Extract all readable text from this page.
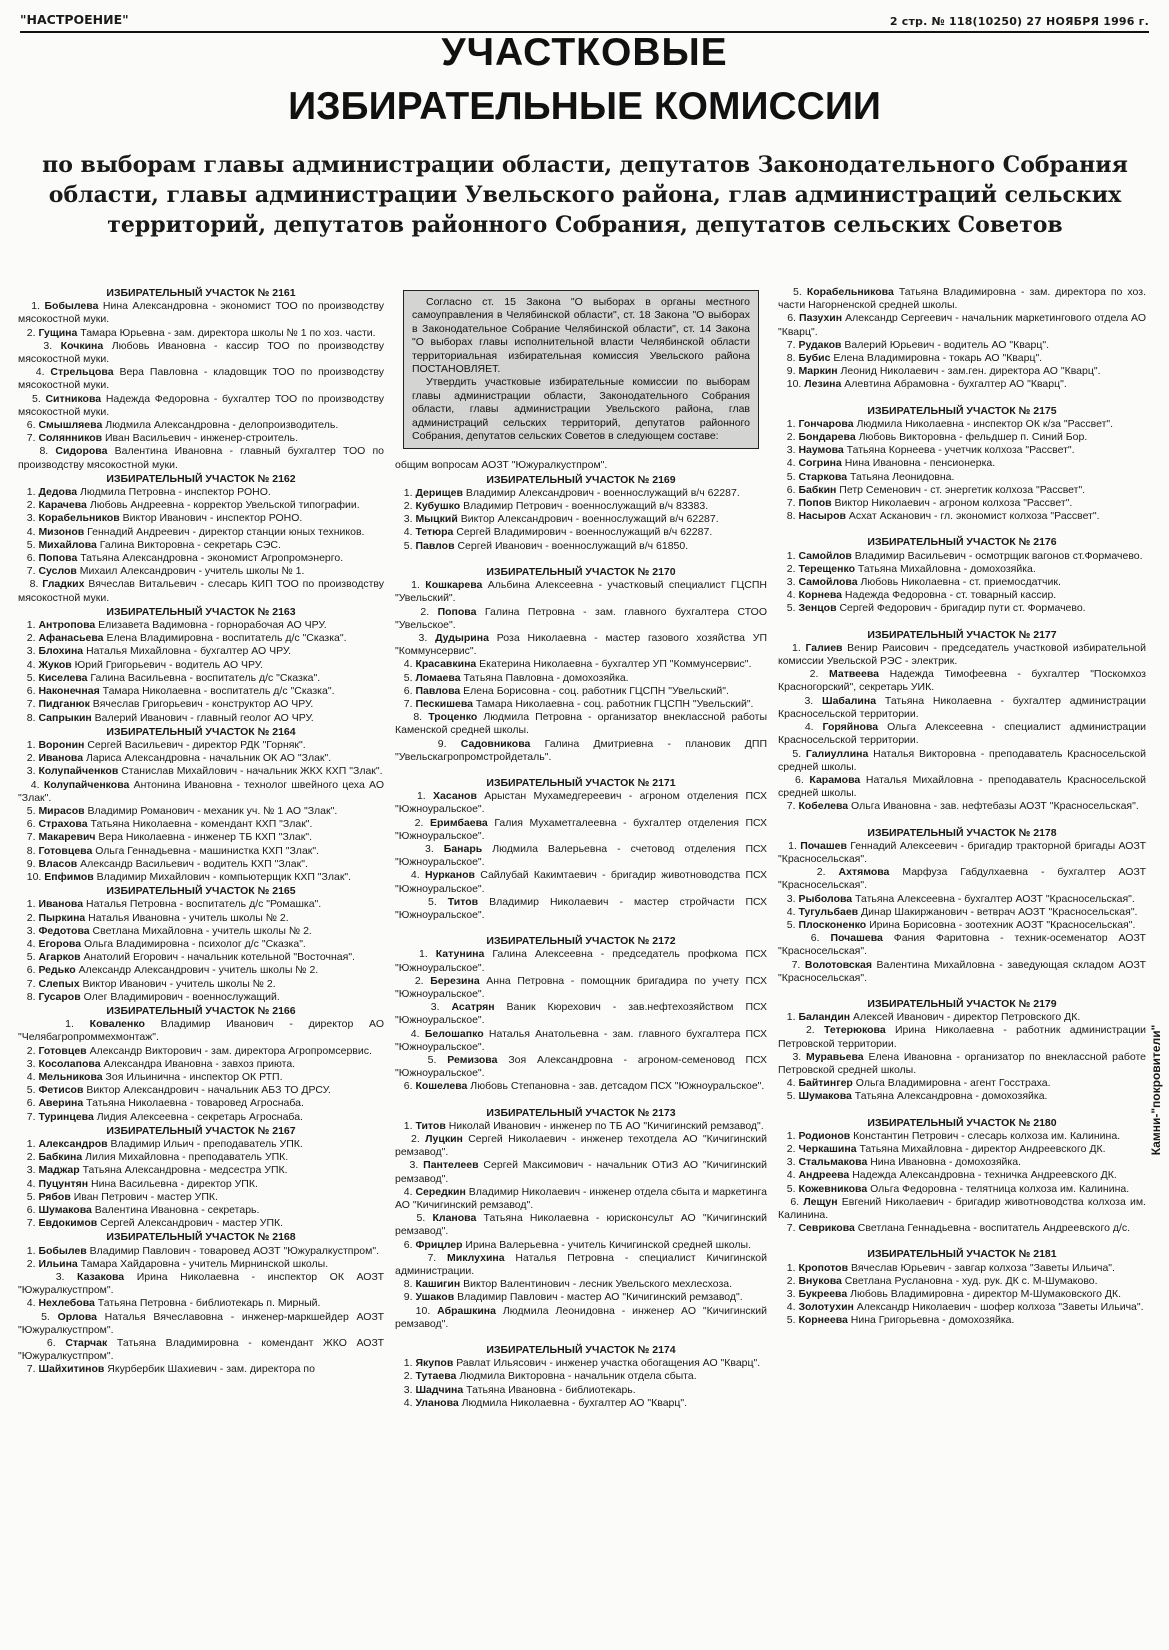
"НАСТРОЕНИЕ"	2 стр. № 118(10250) 27 НОЯБРЯ 1996 г.
УЧАСТКОВЫЕ
ИЗБИРАТЕЛЬНЫЕ КОМИССИИ
по выборам главы администрации области, депутатов Законодательного Собрания области, главы администрации Увельского района, глав администраций сельских территорий, депутатов районного Собрания, депутатов сельских Советов
ИЗБИРАТЕЛЬНЫЙ УЧАСТОК № 2161
1. Бобылева Нина Александровна - экономист ТОО по производству мясокостной муки.
2. Гущина Тамара Юрьевна - зам. директора школы № 1 по хоз. части.
3. Кочкина Любовь Ивановна - кассир ТОО по производству мясокостной муки.
4. Стрельцова Вера Павловна - кладовщик ТОО по производству мясокостной муки.
5. Ситникова Надежда Федоровна - бухгалтер ТОО по производству мясокостной муки.
6. Смышляева Людмила Александровна - делопроизводитель.
7. Солянников Иван Васильевич - инженер-строитель.
8. Сидорова Валентина Ивановна - главный бухгалтер ТОО по производству мясокостной муки.
ИЗБИРАТЕЛЬНЫЙ УЧАСТОК № 2162
1. Дедова Людмила Петровна - инспектор РОНО.
2. Карачева Любовь Андреевна - корректор Увельской типографии.
3. Корабельников Виктор Иванович - инспектор РОНО.
4. Мизонов Геннадий Андреевич - директор станции юных техников.
5. Михайлова Галина Викторовна - секретарь СЭС.
6. Попова Татьяна Александровна - экономист Агропромэнерго.
7. Суслов Михаил Александрович - учитель школы № 1.
8. Гладких Вячеслав Витальевич - слесарь КИП ТОО по производству мясокостной муки.
ИЗБИРАТЕЛЬНЫЙ УЧАСТОК № 2163
1. Антропова Елизавета Вадимовна - горнорабочая АО ЧРУ.
2. Афанасьева Елена Владимировна - воспитатель д/с "Сказка".
3. Блохина Наталья Михайловна - бухгалтер АО ЧРУ.
4. Жуков Юрий Григорьевич - водитель АО ЧРУ.
5. Киселева Галина Васильевна - воспитатель д/с "Сказка".
6. Наконечная Тамара Николаевна - воспитатель д/с "Сказка".
7. Пидганюк Вячеслав Григорьевич - конструктор АО ЧРУ.
8. Сапрыкин Валерий Иванович - главный геолог АО ЧРУ.
ИЗБИРАТЕЛЬНЫЙ УЧАСТОК № 2164
1. Воронин Сергей Васильевич - директор РДК "Горняк".
2. Иванова Лариса Александровна - начальник ОК АО "Злак".
3. Колупайченков Станислав Михайлович - начальник ЖКХ КХП "Злак".
4. Колупайченкова Антонина Ивановна - технолог швейного цеха АО "Злак".
5. Мирасов Владимир Романович - механик уч. № 1 АО "Злак".
6. Страхова Татьяна Николаевна - комендант КХП "Злак".
7. Макаревич Вера Николаевна - инженер ТБ КХП "Злак".
8. Готовцева Ольга Геннадьевна - машинистка КХП "Злак".
9. Власов Александр Васильевич - водитель КХП "Злак".
10. Епфимов Владимир Михайлович - компьютерщик КХП "Злак".
ИЗБИРАТЕЛЬНЫЙ УЧАСТОК № 2165
1. Иванова Наталья Петровна - воспитатель д/с "Ромашка".
2. Пыркина Наталья Ивановна - учитель школы № 2.
3. Федотова Светлана Михайловна - учитель школы № 2.
4. Егорова Ольга Владимировна - психолог д/с "Сказка".
5. Агарков Анатолий Егорович - начальник котельной "Восточная".
6. Редько Александр Александрович - учитель школы № 2.
7. Слепых Виктор Иванович - учитель школы № 2.
8. Гусаров Олег Владимирович - военнослужащий.
ИЗБИРАТЕЛЬНЫЙ УЧАСТОК № 2166
1. Коваленко Владимир Иванович - директор АО "Челябагропроммехмонтаж".
2. Готовцев Александр Викторович - зам. директора Агропромсервис.
3. Косолапова Александра Ивановна - завхоз приюта.
4. Мельникова Зоя Ильинична - инспектор ОК РТП.
5. Фетисов Виктор Александрович - начальник АБЗ ТО ДРСУ.
6. Аверина Татьяна Николаевна - товаровед Агроснаба.
7. Туринцева Лидия Алексеевна - секретарь Агроснаба.
ИЗБИРАТЕЛЬНЫЙ УЧАСТОК № 2167
1. Александров Владимир Ильич - преподаватель УПК.
2. Бабкина Лилия Михайловна - преподаватель УПК.
3. Маджар Татьяна Александровна - медсестра УПК.
4. Пуцунтян Нина Васильевна - директор УПК.
5. Рябов Иван Петрович - мастер УПК.
6. Шумакова Валентина Ивановна - секретарь.
7. Евдокимов Сергей Александрович - мастер УПК.
ИЗБИРАТЕЛЬНЫЙ УЧАСТОК № 2168
1. Бобылев Владимир Павлович - товаровед АОЗТ "Южуралкустпром".
2. Ильина Тамара Хайдаровна - учитель Мирнинской школы.
3. Казакова Ирина Николаевна - инспектор ОК АОЗТ "Южуралкустпром".
4. Нехлебова Татьяна Петровна - библиотекарь п. Мирный.
5. Орлова Наталья Вячеславовна - инженер-маркшейдер АОЗТ "Южуралкустпром".
6. Старчак Татьяна Владимировна - комендант ЖКО АОЗТ "Южуралкустпром".
7. Шайхитинов Якурбербик Шахиевич - зам. директора по

Согласно ст. 15 Закона "О выборах в органы местного самоуправления в Челябинской области", ст. 18 Закона "О выборах в Законодательное Собрание Челябинской области", ст. 14 Закона "О выборах главы исполнительной власти Челябинской области территориальная избирательная комиссия Увельского района ПОСТАНОВЛЯЕТ.

Утвердить участковые избирательные комиссии по выборам главы администрации области, Законодательного Собрания области, главы администрации Увельского района, глав администраций сельских территорий, депутатов районного Собрания, депутатов сельских Советов в следующем составе:

общим вопросам АОЗТ "Южуралкустпром".
ИЗБИРАТЕЛЬНЫЙ УЧАСТОК № 2169
1. Дерищев Владимир Александрович - военнослужащий в/ч 62287.
2. Кубушко Владимир Петрович - военнослужащий в/ч 83383.
3. Мыцкий Виктор Александрович - военнослужащий в/ч 62287.
4. Тетюра Сергей Владимирович - военнослужащий в/ч 62287.
5. Павлов Сергей Иванович - военнослужащий в/ч 61850.
ИЗБИРАТЕЛЬНЫЙ УЧАСТОК № 2170
1. Кошкарева Альбина Алексеевна - участковый специалист ГЦСПН "Увельский".
2. Попова Галина Петровна - зам. главного бухгалтера СТОО "Увельское".
3. Дудырина Роза Николаевна - мастер газового хозяйства УП "Коммунсервис".
4. Красавкина Екатерина Николаевна - бухгалтер УП "Коммунсервис".
5. Ломаева Татьяна Павловна - домохозяйка.
6. Павлова Елена Борисовна - соц. работник ГЦСПН "Увельский".
7. Пескишева Тамара Николаевна - соц. работник ГЦСПН "Увельский".
8. Троценко Людмила Петровна - организатор внеклассной работы Каменской средней школы.
9. Садовникова Галина Дмитриевна - плановик ДПП "Увельскагропромстройдеталь".
ИЗБИРАТЕЛЬНЫЙ УЧАСТОК № 2171
1. Хасанов Арыстан Мухамедгереевич - агроном отделения ПСХ "Южноуральское".
2. Еримбаева Галия Мухаметгалеевна - бухгалтер отделения ПСХ "Южноуральское".
3. Банарь Людмила Валерьевна - счетовод отделения ПСХ "Южноуральское".
4. Нурканов Сайлубай Какимтаевич - бригадир животноводства ПСХ "Южноуральское".
5. Титов Владимир Николаевич - мастер стройчасти ПСХ "Южноуральское".
ИЗБИРАТЕЛЬНЫЙ УЧАСТОК № 2172
1. Катунина Галина Алексеевна - председатель профкома ПСХ "Южноуральское".
2. Березина Анна Петровна - помощник бригадира по учету ПСХ "Южноуральское".
3. Асатрян Ваник Кюрехович - зав.нефтехозяйством ПСХ "Южноуральское".
4. Белошапко Наталья Анатольевна - зам. главного бухгалтера ПСХ "Южноуральское".
5. Ремизова Зоя Александровна - агроном-семеновод ПСХ "Южноуральское".
6. Кошелева Любовь Степановна - зав. детсадом ПСХ "Южноуральское".
ИЗБИРАТЕЛЬНЫЙ УЧАСТОК № 2173
1. Титов Николай Иванович - инженер по ТБ АО "Кичигинский ремзавод".
2. Луцкин Сергей Николаевич - инженер техотдела АО "Кичигинский ремзавод".
3. Пантелеев Сергей Максимович - начальник ОТиЗ АО "Кичигинский ремзавод".
4. Середкин Владимир Николаевич - инженер отдела сбыта и маркетинга АО "Кичигинский ремзавод".
5. Кланова Татьяна Николаевна - юрисконсульт АО "Кичигинский ремзавод".
6. Фрицлер Ирина Валерьевна - учитель Кичигинской средней школы.
7. Миклухина Наталья Петровна - специалист Кичигинской администрации.
8. Кашигин Виктор Валентинович - лесник Увельского мехлесхоза.
9. Ушаков Владимир Павлович - мастер АО "Кичигинский ремзавод".
10. Абрашкина Людмила Леонидовна - инженер АО "Кичигинский ремзавод".
ИЗБИРАТЕЛЬНЫЙ УЧАСТОК № 2174
1. Якупов Равлат Ильясович - инженер участка обогащения АО "Кварц".
2. Тутаева Людмила Викторовна - начальник отдела сбыта.
3. Шадчина Татьяна Ивановна - библиотекарь.
4. Уланова Людмила Николаевна - бухгалтер АО "Кварц".
5. Корабельникова Татьяна Владимировна - зам. директора по хоз. части Нагорненской средней школы.
6. Пазухин Александр Сергеевич - начальник маркетингового отдела АО "Кварц".
7. Рудаков Валерий Юрьевич - водитель АО "Кварц".
8. Бубис Елена Владимировна - токарь АО "Кварц".
9. Маркин Леонид Николаевич - зам.ген. директора АО "Кварц".
10. Лезина Алевтина Абрамовна - бухгалтер АО "Кварц".
ИЗБИРАТЕЛЬНЫЙ УЧАСТОК № 2175
1. Гончарова Людмила Николаевна - инспектор ОК к/за "Рассвет".
2. Бондарева Любовь Викторовна - фельдшер п. Синий Бор.
3. Наумова Татьяна Корнеева - учетчик колхоза "Рассвет".
4. Согрина Нина Ивановна - пенсионерка.
5. Старкова Татьяна Леонидовна.
6. Бабкин Петр Семенович - ст. энергетик колхоза "Рассвет".
7. Попов Виктор Николаевич - агроном колхоза "Рассвет".
8. Насыров Асхат Асканович - гл. экономист колхоза "Рассвет".
ИЗБИРАТЕЛЬНЫЙ УЧАСТОК № 2176
1. Самойлов Владимир Васильевич - осмотрщик вагонов ст.Формачево.
2. Терещенко Татьяна Михайловна - домохозяйка.
3. Самойлова Любовь Николаевна - ст. приемосдатчик.
4. Корнева Надежда Федоровна - ст. товарный кассир.
5. Зенцов Сергей Федорович - бригадир пути ст. Формачево.
ИЗБИРАТЕЛЬНЫЙ УЧАСТОК № 2177
1. Галиев Венир Раисович - председатель участковой избирательной комиссии Увельской РЭС - электрик.
2. Матвеева Надежда Тимофеевна - бухгалтер "Поскомхоз Красногорский", секретарь УИК.
3. Шабалина Татьяна Николаевна - бухгалтер администрации Красносельской территории.
4. Горяйнова Ольга Алексеевна - специалист администрации Красносельской территории.
5. Галиуллина Наталья Викторовна - преподаватель Красносельской средней школы.
6. Карамова Наталья Михайловна - преподаватель Красносельской средней школы.
7. Кобелева Ольга Ивановна - зав. нефтебазы АОЗТ "Красносельская".
ИЗБИРАТЕЛЬНЫЙ УЧАСТОК № 2178
1. Почашев Геннадий Алексеевич - бригадир тракторной бригады АОЗТ "Красносельская".
2. Ахтямова Марфуза Габдулхаевна - бухгалтер АОЗТ "Красносельская".
3. Рыболова Татьяна Алексеевна - бухгалтер АОЗТ "Красносельская".
4. Тугульбаев Динар Шакиржанович - ветврач АОЗТ "Красносельская".
5. Плосконенко Ирина Борисовна - зоотехник АОЗТ "Красносельская".
6. Почашева Фания Фаритовна - техник-осеменатор АОЗТ "Красносельская".
7. Волотовская Валентина Михайловна - заведующая складом АОЗТ "Красносельская".
ИЗБИРАТЕЛЬНЫЙ УЧАСТОК № 2179
1. Баландин Алексей Иванович - директор Петровского ДК.
2. Тетерюкова Ирина Николаевна - работник администрации Петровской территории.
3. Муравьева Елена Ивановна - организатор по внеклассной работе Петровской средней школы.
4. Байтингер Ольга Владимировна - агент Госстраха.
5. Шумакова Татьяна Александровна - домохозяйка.
ИЗБИРАТЕЛЬНЫЙ УЧАСТОК № 2180
1. Родионов Константин Петрович - слесарь колхоза им. Калинина.
2. Черкашина Татьяна Михайловна - директор Андреевского ДК.
3. Стальмакова Нина Ивановна - домохозяйка.
4. Андреева Надежда Александровна - техничка Андреевского ДК.
5. Кожевникова Ольга Федоровна - телятница колхоза им. Калинина.
6. Лещун Евгений Николаевич - бригадир животноводства колхоза им. Калинина.
7. Севрикова Светлана Геннадьевна - воспитатель Андреевского д/с.
ИЗБИРАТЕЛЬНЫЙ УЧАСТОК № 2181
1. Кропотов Вячеслав Юрьевич - завгар колхоза "Заветы Ильича".
2. Внукова Светлана Руслановна - худ. рук. ДК с. М-Шумаково.
3. Букреева Любовь Владимировна - директор М-Шумаковского ДК.
4. Золотухин Александр Николаевич - шофер колхоза "Заветы Ильича".
5. Корнеева Нина Григорьевна - домохозяйка.
Камни-"покровители"
